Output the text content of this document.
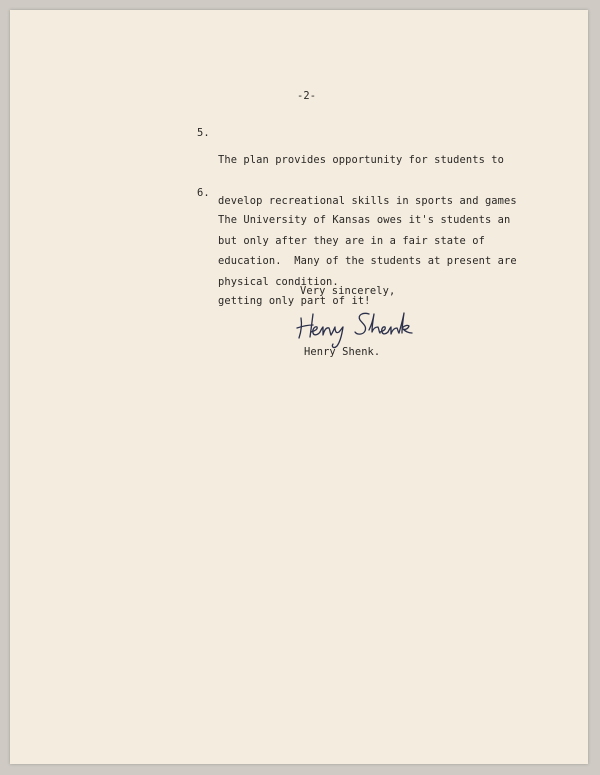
-2-

5.

The plan provides opportunity for students to

develop recreational skills in sports and games

but only after they are in a fair state of

physical condition.

6.

The University of Kansas owes it's students an

education.  Many of the students at present are

getting only part of it!

Very sincerely,
Henry Shenk.
